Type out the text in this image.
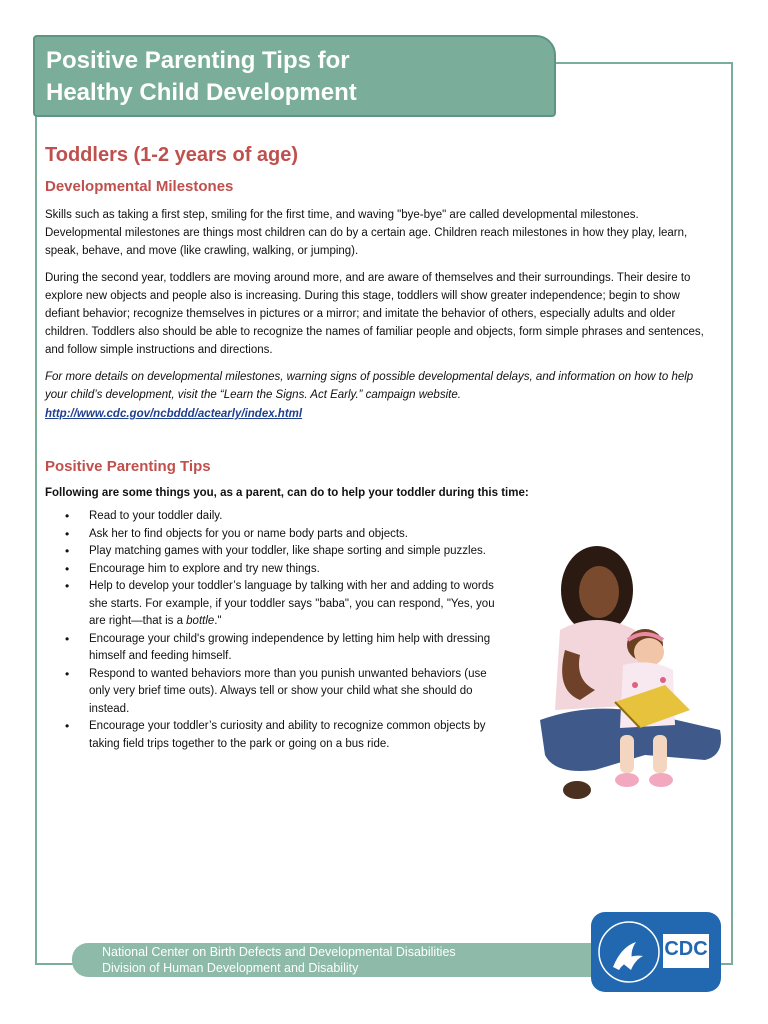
Positive Parenting Tips for
Healthy Child Development
Toddlers (1-2 years of age)
Developmental Milestones

Skills such as taking a first step, smiling for the first time, and waving "bye-bye" are called developmental milestones. Developmental milestones are things most children can do by a certain age. Children reach milestones in how they play, learn, speak, behave, and move (like crawling, walking, or jumping).

During the second year, toddlers are moving around more, and are aware of themselves and their surroundings. Their desire to explore new objects and people also is increasing. During this stage, toddlers will show greater independence; begin to show defiant behavior; recognize themselves in pictures or a mirror; and imitate the behavior of others, especially adults and older children. Toddlers also should be able to recognize the names of familiar people and objects, form simple phrases and sentences, and follow simple instructions and directions.

For more details on developmental milestones, warning signs of possible developmental delays, and information on how to help your child’s development, visit the “Learn the Signs. Act Early.” campaign website.

http://www.cdc.gov/ncbddd/actearly/index.html
Positive Parenting Tips

Following are some things you, as a parent, can do to help your toddler during this time:

• Read to your toddler daily.
• Ask her to find objects for you or name body parts and objects.
• Play matching games with your toddler, like shape sorting and simple puzzles.
• Encourage him to explore and try new things.
• Help to develop your toddler’s language by talking with her and adding to words she starts. For example, if your toddler says "baba", you can respond, "Yes, you are right—that is a bottle."
• Encourage your child's growing independence by letting him help with dressing himself and feeding himself.
• Respond to wanted behaviors more than you punish unwanted behaviors (use only very brief time outs). Always tell or show your child what she should do instead.
• Encourage your toddler’s curiosity and ability to recognize common objects by taking field trips together to the park or going on a bus ride.
National Center on Birth Defects and Developmental Disabilities
Division of Human Development and Disability
CDC
